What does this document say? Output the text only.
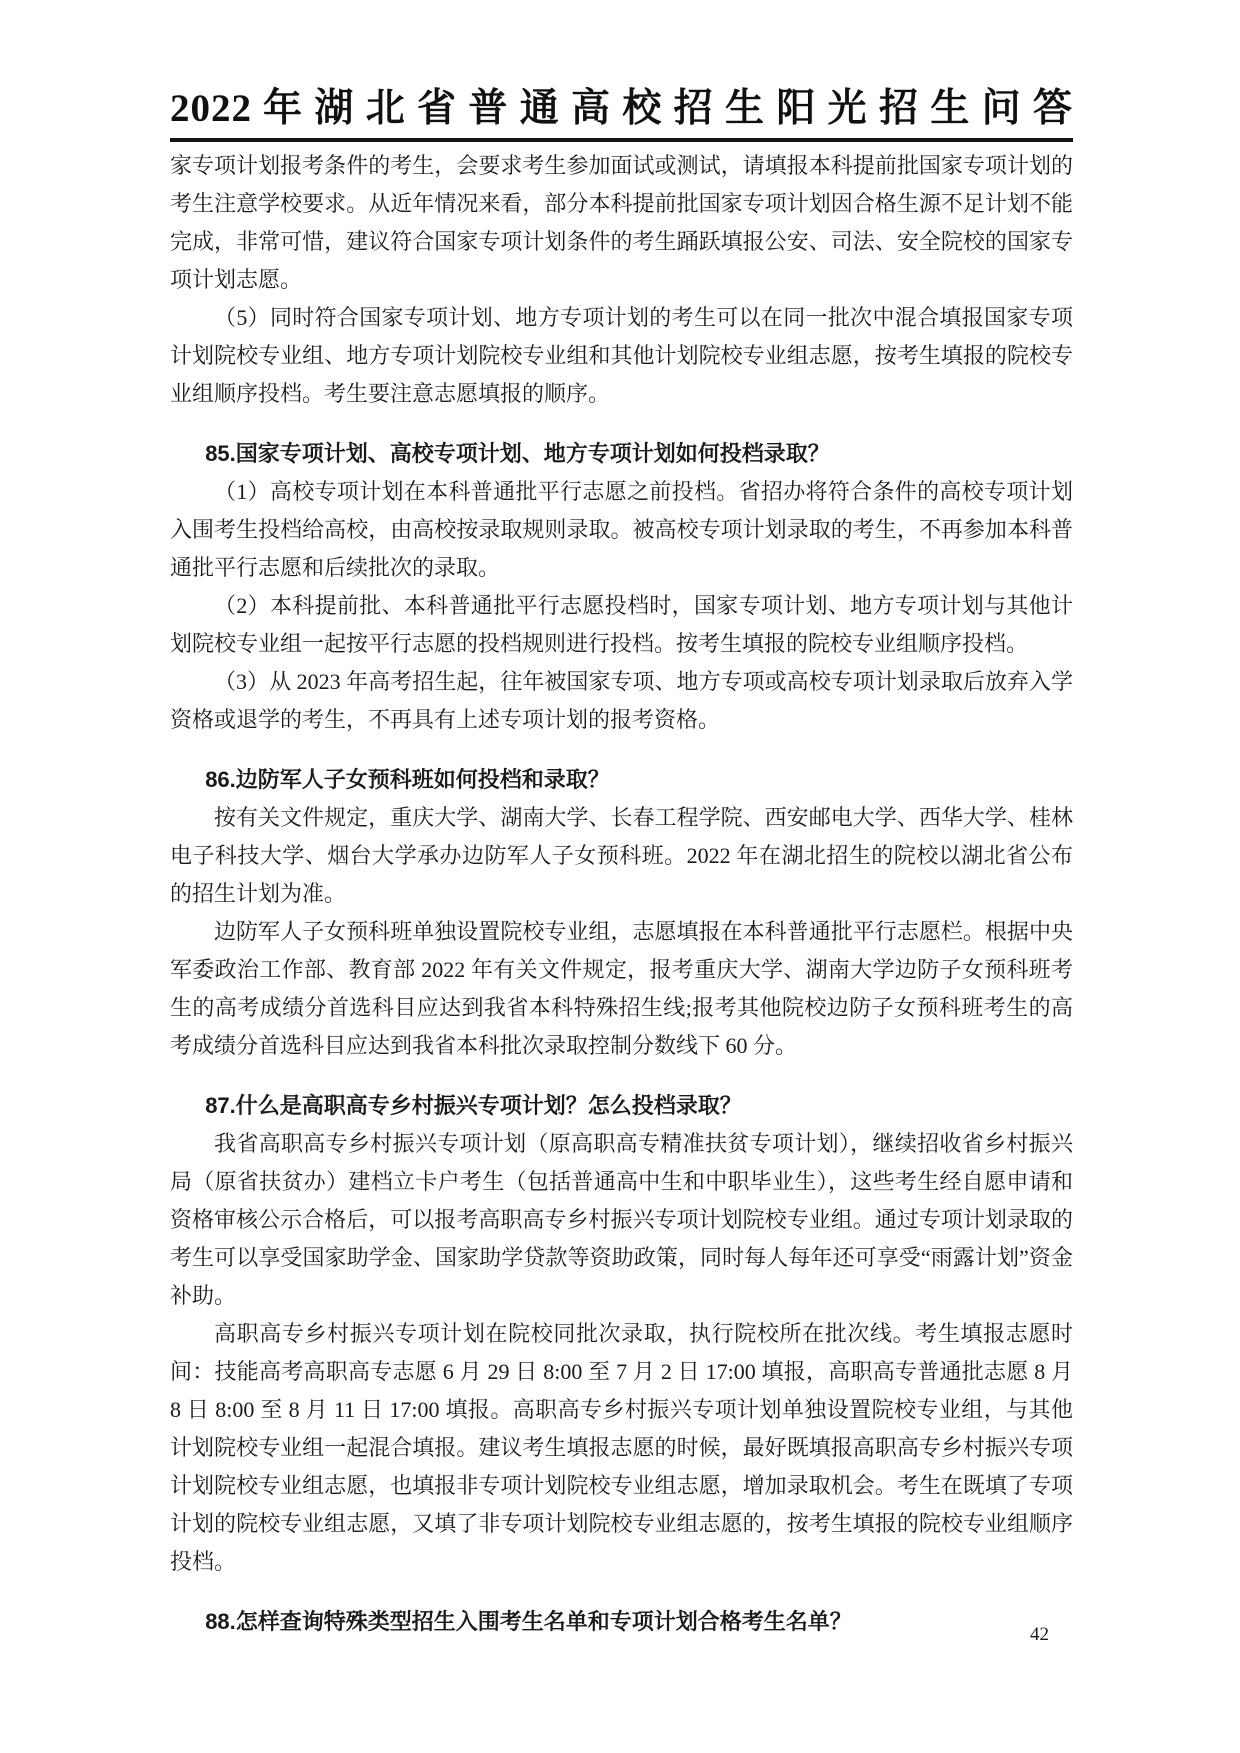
2022 年 湖 北 省 普 通 高 校 招 生 阳 光 招 生 问 答

家专项计划报考条件的考生，会要求考生参加面试或测试，请填报本科提前批国家专项计划的考生注意学校要求。从近年情况来看，部分本科提前批国家专项计划因合格生源不足计划不能完成，非常可惜，建议符合国家专项计划条件的考生踊跃填报公安、司法、安全院校的国家专项计划志愿。

（5）同时符合国家专项计划、地方专项计划的考生可以在同一批次中混合填报国家专项计划院校专业组、地方专项计划院校专业组和其他计划院校专业组志愿，按考生填报的院校专业组顺序投档。考生要注意志愿填报的顺序。

85.国家专项计划、高校专项计划、地方专项计划如何投档录取？

（1）高校专项计划在本科普通批平行志愿之前投档。省招办将符合条件的高校专项计划入围考生投档给高校，由高校按录取规则录取。被高校专项计划录取的考生，不再参加本科普通批平行志愿和后续批次的录取。

（2）本科提前批、本科普通批平行志愿投档时，国家专项计划、地方专项计划与其他计划院校专业组一起按平行志愿的投档规则进行投档。按考生填报的院校专业组顺序投档。

（3）从 2023 年高考招生起，往年被国家专项、地方专项或高校专项计划录取后放弃入学资格或退学的考生，不再具有上述专项计划的报考资格。

86.边防军人子女预科班如何投档和录取？

按有关文件规定，重庆大学、湖南大学、长春工程学院、西安邮电大学、西华大学、桂林电子科技大学、烟台大学承办边防军人子女预科班。2022 年在湖北招生的院校以湖北省公布的招生计划为准。

边防军人子女预科班单独设置院校专业组，志愿填报在本科普通批平行志愿栏。根据中央军委政治工作部、教育部 2022 年有关文件规定，报考重庆大学、湖南大学边防子女预科班考生的高考成绩分首选科目应达到我省本科特殊招生线;报考其他院校边防子女预科班考生的高考成绩分首选科目应达到我省本科批次录取控制分数线下 60 分。

87.什么是高职高专乡村振兴专项计划？怎么投档录取？

我省高职高专乡村振兴专项计划（原高职高专精准扶贫专项计划），继续招收省乡村振兴局（原省扶贫办）建档立卡户考生（包括普通高中生和中职毕业生），这些考生经自愿申请和资格审核公示合格后，可以报考高职高专乡村振兴专项计划院校专业组。通过专项计划录取的考生可以享受国家助学金、国家助学贷款等资助政策，同时每人每年还可享受“雨露计划”资金补助。

高职高专乡村振兴专项计划在院校同批次录取，执行院校所在批次线。考生填报志愿时间：技能高考高职高专志愿 6 月 29 日 8:00 至 7 月 2 日 17:00 填报，高职高专普通批志愿 8 月 8 日 8:00 至 8 月 11 日 17:00 填报。高职高专乡村振兴专项计划单独设置院校专业组，与其他计划院校专业组一起混合填报。建议考生填报志愿的时候，最好既填报高职高专乡村振兴专项计划院校专业组志愿，也填报非专项计划院校专业组志愿，增加录取机会。考生在既填了专项计划的院校专业组志愿，又填了非专项计划院校专业组志愿的，按考生填报的院校专业组顺序投档。

88.怎样查询特殊类型招生入围考生名单和专项计划合格考生名单？

42
